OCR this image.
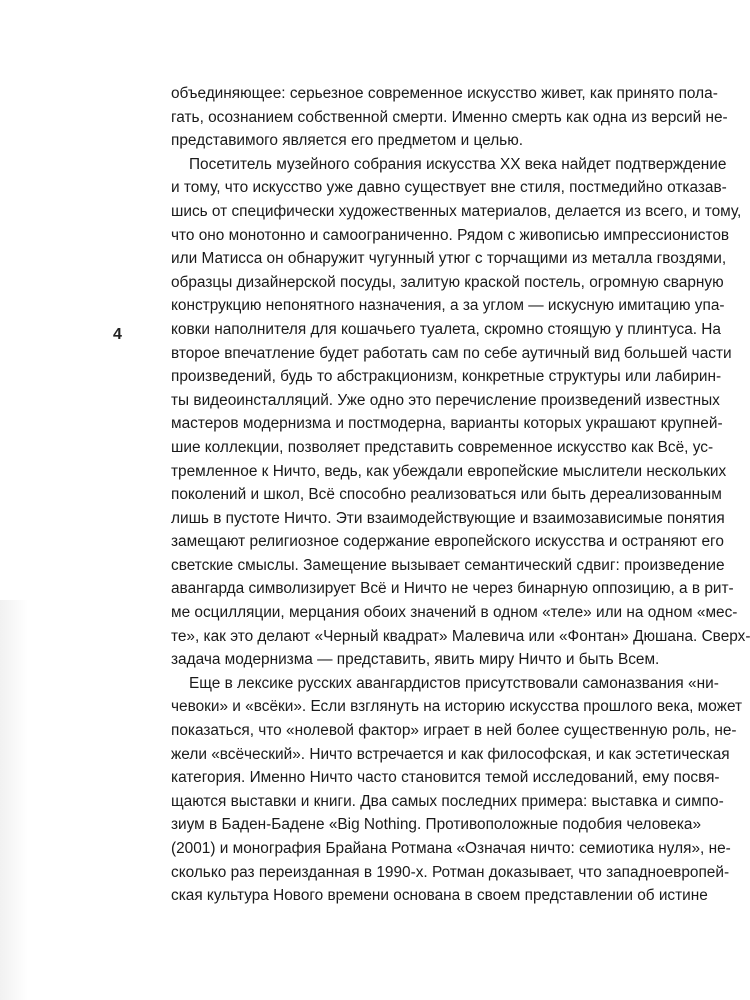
4

объединяющее: серьезное современное искусство живет, как принято пола-
гать, осознанием собственной смерти. Именно смерть как одна из версий не-
представимого является его предметом и целью.

Посетитель музейного собрания искусства XX века найдет подтверждение
и тому, что искусство уже давно существует вне стиля, постмедийно отказав-
шись от специфически художественных материалов, делается из всего, и тому,
что оно монотонно и самоограниченно. Рядом с живописью импрессионистов
или Матисса он обнаружит чугунный утюг с торчащими из металла гвоздями,
образцы дизайнерской посуды, залитую краской постель, огромную сварную
конструкцию непонятного назначения, а за углом — искусную имитацию упа-
ковки наполнителя для кошачьего туалета, скромно стоящую у плинтуса. На
второе впечатление будет работать сам по себе аутичный вид большей части
произведений, будь то абстракционизм, конкретные структуры или лабирин-
ты видеоинсталляций. Уже одно это перечисление произведений известных
мастеров модернизма и постмодерна, варианты которых украшают крупней-
шие коллекции, позволяет представить современное искусство как Всё, ус-
тремленное к Ничто, ведь, как убеждали европейские мыслители нескольких
поколений и школ, Всё способно реализоваться или быть дереализованным
лишь в пустоте Ничто. Эти взаимодействующие и взаимозависимые понятия
замещают религиозное содержание европейского искусства и остраняют его
светские смыслы. Замещение вызывает семантический сдвиг: произведение
авангарда символизирует Всё и Ничто не через бинарную оппозицию, а в рит-
ме осцилляции, мерцания обоих значений в одном «теле» или на одном «мес-
те», как это делают «Черный квадрат» Малевича или «Фонтан» Дюшана. Сверх-
задача модернизма — представить, явить миру Ничто и быть Всем.

Еще в лексике русских авангардистов присутствовали самоназвания «ни-
чевоки» и «всёки». Если взглянуть на историю искусства прошлого века, может
показаться, что «нолевой фактор» играет в ней более существенную роль, не-
жели «всёческий». Ничто встречается и как философская, и как эстетическая
категория. Именно Ничто часто становится темой исследований, ему посвя-
щаются выставки и книги. Два самых последних примера: выставка и симпо-
зиум в Баден-Бадене «Big Nothing. Противоположные подобия человека»
(2001) и монография Брайана Ротмана «Означая ничто: семиотика нуля», не-
сколько раз переизданная в 1990-х. Ротман доказывает, что западноевропей-
ская культура Нового времени основана в своем представлении об истине
